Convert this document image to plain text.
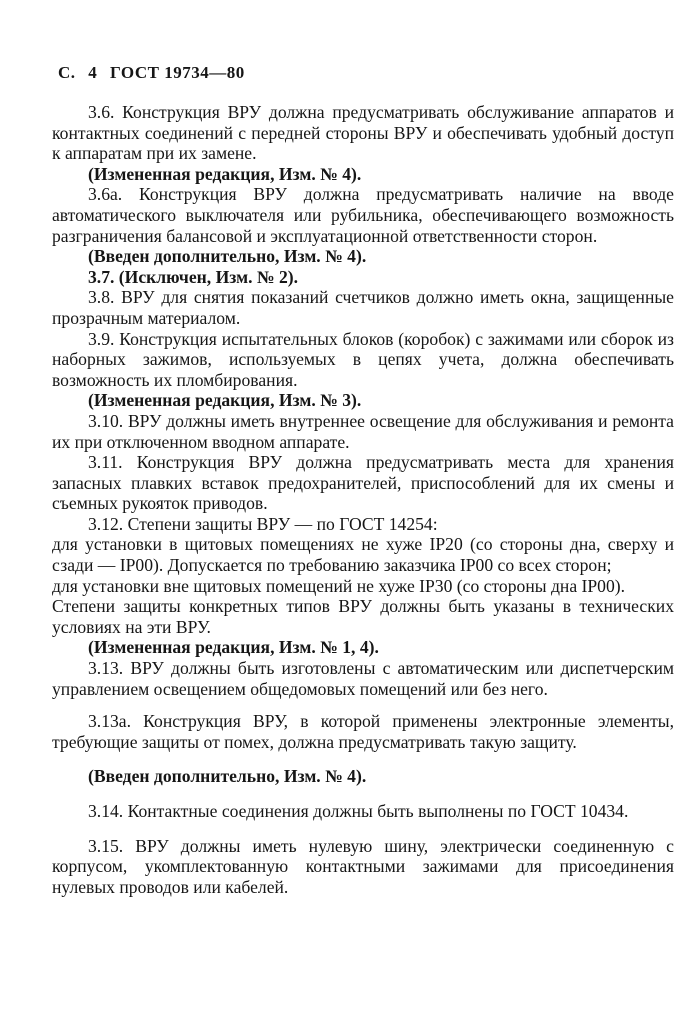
С. 4 ГОСТ 19734—80

3.6. Конструкция ВРУ должна предусматривать обслуживание аппаратов и контактных соединений с передней стороны ВРУ и обеспечивать удобный доступ к аппаратам при их замене.

(Измененная редакция, Изм. № 4).

3.6а. Конструкция ВРУ должна предусматривать наличие на вводе автоматического выключателя или рубильника, обеспечивающего возможность разграничения балансовой и эксплуатационной ответственности сторон.

(Введен дополнительно, Изм. № 4).

3.7. (Исключен, Изм. № 2).

3.8. ВРУ для снятия показаний счетчиков должно иметь окна, защищенные прозрачным материалом.

3.9. Конструкция испытательных блоков (коробок) с зажимами или сборок из наборных зажимов, используемых в цепях учета, должна обеспечивать возможность их пломбирования.

(Измененная редакция, Изм. № 3).

3.10. ВРУ должны иметь внутреннее освещение для обслуживания и ремонта их при отключенном вводном аппарате.

3.11. Конструкция ВРУ должна предусматривать места для хранения запасных плавких вставок предохранителей, приспособлений для их смены и съемных рукояток приводов.

3.12. Степени защиты ВРУ — по ГОСТ 14254:

для установки в щитовых помещениях не хуже IP20 (со стороны дна, сверху и сзади — IP00). Допускается по требованию заказчика IP00 со всех сторон;

для установки вне щитовых помещений не хуже IP30 (со стороны дна IP00).

Степени защиты конкретных типов ВРУ должны быть указаны в технических условиях на эти ВРУ.

(Измененная редакция, Изм. № 1, 4).

3.13. ВРУ должны быть изготовлены с автоматическим или диспетчерским управлением освещением общедомовых помещений или без него.

3.13а. Конструкция ВРУ, в которой применены электронные элементы, требующие защиты от помех, должна предусматривать такую защиту.

(Введен дополнительно, Изм. № 4).

3.14. Контактные соединения должны быть выполнены по ГОСТ 10434.

3.15. ВРУ должны иметь нулевую шину, электрически соединенную с корпусом, укомплектованную контактными зажимами для присоединения нулевых проводов или кабелей.
